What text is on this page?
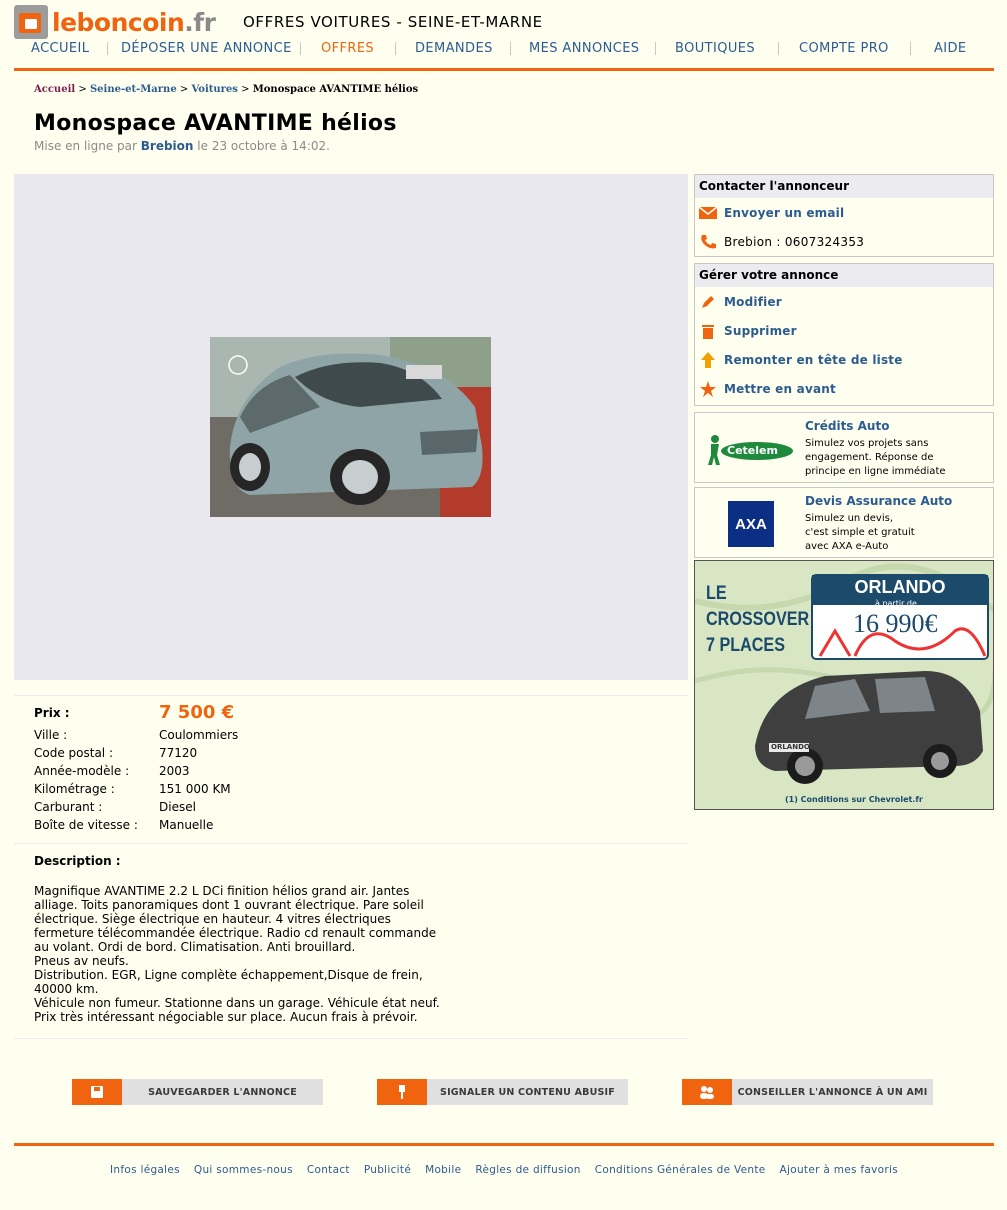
leboncoin.fr OFFRES VOITURES - SEINE-ET-MARNE
ACCUEIL DÉPOSER UNE ANNONCE OFFRES	DEMANDES	MES ANNONCES	BOUTIQUES	COMPTE PRO	AIDE
Accueil > Seine-et-Marne > Voitures > Monospace AVANTIME hélios
Monospace AVANTIME hélios
Mise en ligne par Brebion le 23 octobre à 14:02.
Prix :	7 500 €
Ville :	Coulommiers
Code postal :	77120
Année-modèle : 2003
Kilométrage :	151 000 KM
Carburant :	Diesel
Boîte de vitesse : Manuelle
Description :
Magnifique AVANTIME 2.2 L DCi finition hélios grand air. Jantes
alliage. Toits panoramiques dont 1 ouvrant électrique. Pare soleil
électrique. Siège électrique en hauteur. 4 vitres électriques
fermeture télécommandée électrique. Radio cd renault commande
au volant. Ordi de bord. Climatisation. Anti brouillard.
Pneus av neufs.
Distribution. EGR, Ligne complète échappement,Disque de frein,
40000 km.
Véhicule non fumeur. Stationne dans un garage. Véhicule état neuf.
Prix très intéressant négociable sur place. Aucun frais à prévoir.
SAUVEGARDER L'ANNONCE	SIGNALER UN CONTENU ABUSIF	CONSEILLER L'ANNONCE À UN AMI
Infos légales Qui sommes-nous Contact Publicité Mobile Règles de diffusion Conditions Générales de Vente Ajouter à mes favoris
Contacter l'annonceur
Envoyer un email
Brebion : 0607324353
Gérer votre annonce
Modifier
Supprimer
Remonter en tête de liste
Mettre en avant
Cetelem
Crédits Auto
Simulez vos projets sans
engagement. Réponse de
principe en ligne immédiate
AXA
Devis Assurance Auto
Simulez un devis,
c'est simple et gratuit
avec AXA e-Auto
LE
CROSSOVER
7 PLACES
ORLANDO
à partir de
16 990€
ORLANDO
(1) Conditions sur Chevrolet.fr
